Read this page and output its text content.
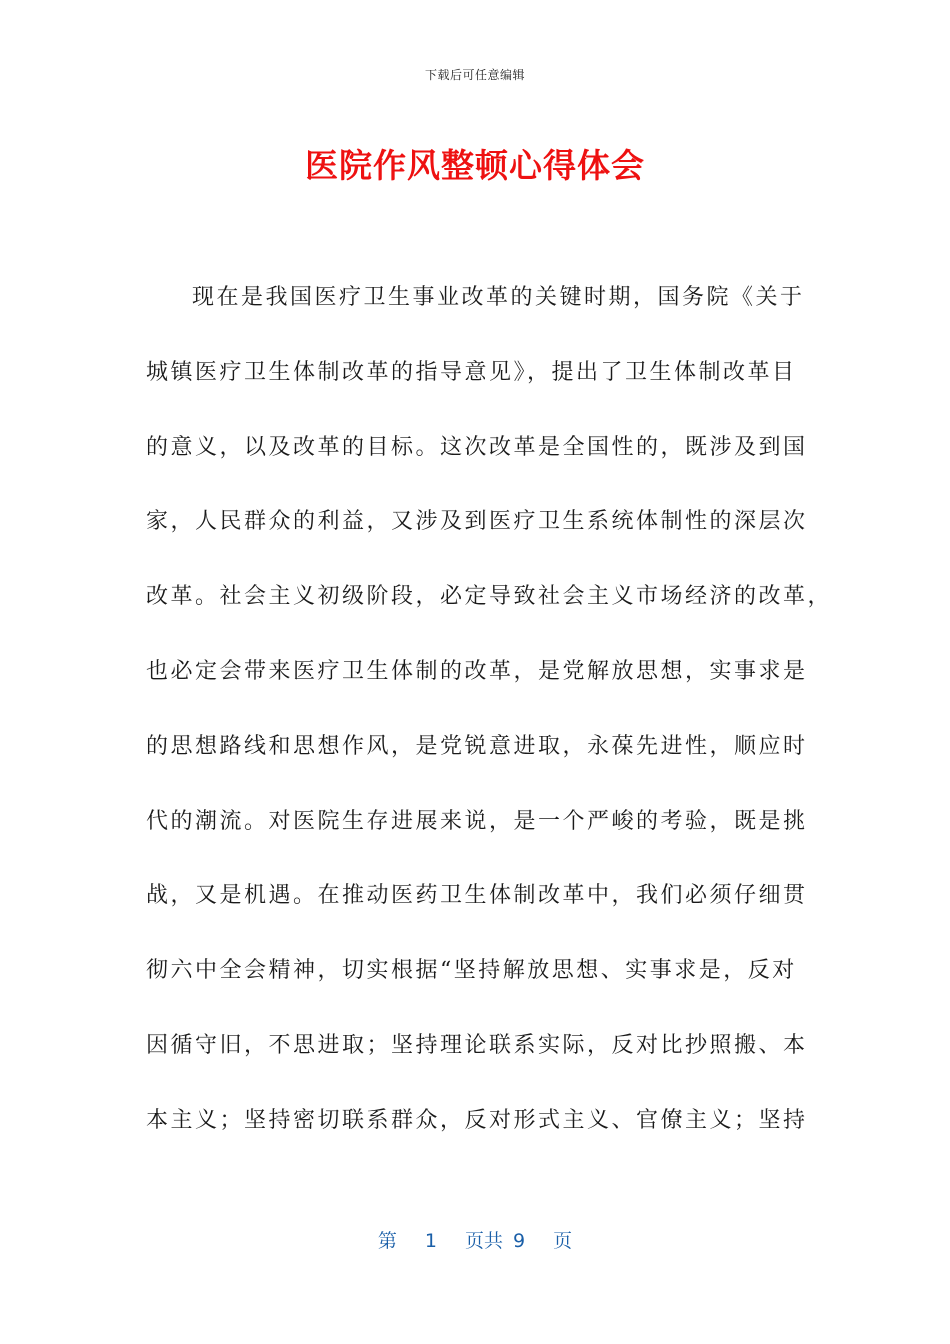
下载后可任意编辑
医院作风整顿心得体会
现在是我国医疗卫生事业改革的关键时期，国务院《关于
城镇医疗卫生体制改革的指导意见》，提出了卫生体制改革目
的意义，以及改革的目标。这次改革是全国性的，既涉及到国
家，人民群众的利益，又涉及到医疗卫生系统体制性的深层次
改革。社会主义初级阶段，必定导致社会主义市场经济的改革，
也必定会带来医疗卫生体制的改革，是党解放思想，实事求是
的思想路线和思想作风，是党锐意进取，永葆先进性，顺应时
代的潮流。对医院生存进展来说，是一个严峻的考验，既是挑
战，又是机遇。在推动医药卫生体制改革中，我们必须仔细贯
彻六中全会精神，切实根据“坚持解放思想、实事求是，反对
因循守旧，不思进取；坚持理论联系实际，反对比抄照搬、本
本主义；坚持密切联系群众，反对形式主义、官僚主义；坚持
第 1 页共 9 页
